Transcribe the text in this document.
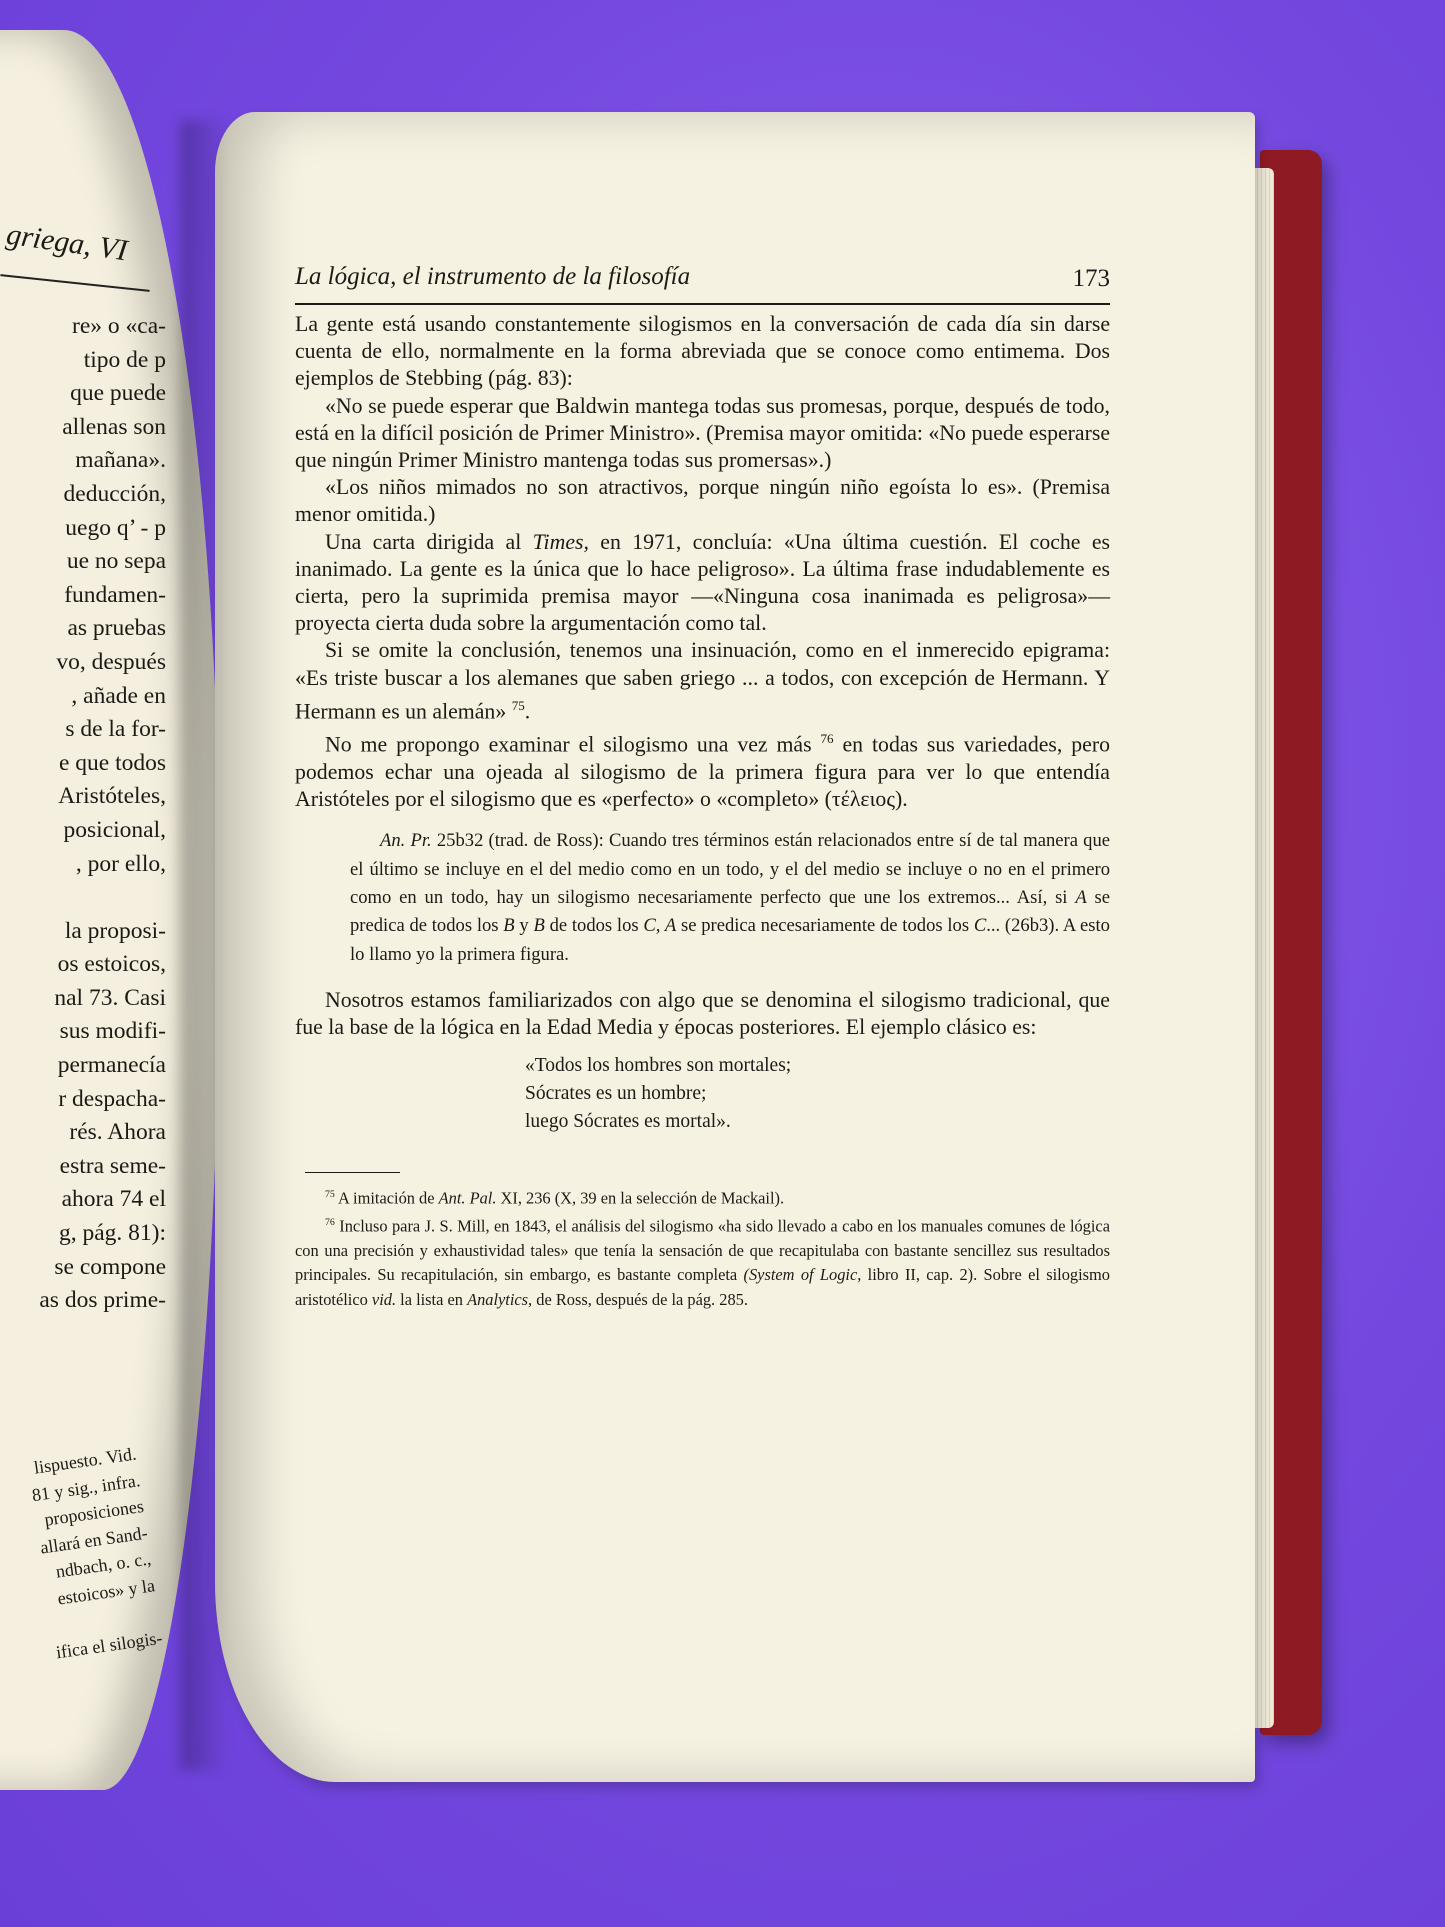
griega, VI
re» o «ca-
tipo de p
que puede
allenas son
mañana».
deducción,
uego q’ - p
ue no sepa
fundamen-
as pruebas
vo, después
, añade en
s de la for-
e que todos
Aristóteles,
posicional,
, por ello,

la proposi-
os estoicos,
nal 73. Casi
sus modifi-
permanecía
r despacha-
rés. Ahora
estra seme-
ahora 74 el
g, pág. 81):
se compone
as dos prime-
lispuesto. Vid.
81 y sig., infra.
proposiciones
allará en Sand-
ndbach, o. c.,
estoicos» y la

ifica el silogis-
La lógica, el instrumento de la filosofía	173

La gente está usando constantemente silogismos en la conversación de cada día sin darse cuenta de ello, normalmente en la forma abreviada que se conoce como entimema. Dos ejemplos de Stebbing (pág. 83):

«No se puede esperar que Baldwin mantega todas sus promesas, porque, después de todo, está en la difícil posición de Primer Ministro». (Premisa mayor omitida: «No puede esperarse que ningún Primer Ministro mantenga todas sus promersas».)

«Los niños mimados no son atractivos, porque ningún niño egoísta lo es». (Premisa menor omitida.)

Una carta dirigida al Times, en 1971, concluía: «Una última cuestión. El coche es inanimado. La gente es la única que lo hace peligroso». La última frase indudablemente es cierta, pero la suprimida premisa mayor —«Ninguna cosa inanimada es peligrosa»— proyecta cierta duda sobre la argumentación como tal.

Si se omite la conclusión, tenemos una insinuación, como en el inmerecido epigrama: «Es triste buscar a los alemanes que saben griego ... a todos, con excepción de Hermann. Y Hermann es un alemán» $^{75}$.

No me propongo examinar el silogismo una vez más $^{76}$ en todas sus variedades, pero podemos echar una ojeada al silogismo de la primera figura para ver lo que entendía Aristóteles por el silogismo que es «perfecto» o «completo» (τέλειος).

An. Pr. 25b32 (trad. de Ross): Cuando tres términos están relacionados entre sí de tal manera que el último se incluye en el del medio como en un todo, y el del medio se incluye o no en el primero como en un todo, hay un silogismo necesariamente perfecto que une los extremos... Así, si A se predica de todos los B y B de todos los C, A se predica necesariamente de todos los C... (26b3). A esto lo llamo yo la primera figura.

Nosotros estamos familiarizados con algo que se denomina el silogismo tradicional, que fue la base de la lógica en la Edad Media y épocas posteriores. El ejemplo clásico es:

«Todos los hombres son mortales;
Sócrates es un hombre;
luego Sócrates es mortal».

$^{75}$ A imitación de Ant. Pal. XI, 236 (X, 39 en la selección de Mackail).

$^{76}$ Incluso para J. S. Mill, en 1843, el análisis del silogismo «ha sido llevado a cabo en los manuales comunes de lógica con una precisión y exhaustividad tales» que tenía la sensación de que recapitulaba con bastante sencillez sus resultados principales. Su recapitulación, sin embargo, es bastante completa (System of Logic, libro II, cap. 2). Sobre el silogismo aristotélico vid. la lista en Analytics, de Ross, después de la pág. 285.
